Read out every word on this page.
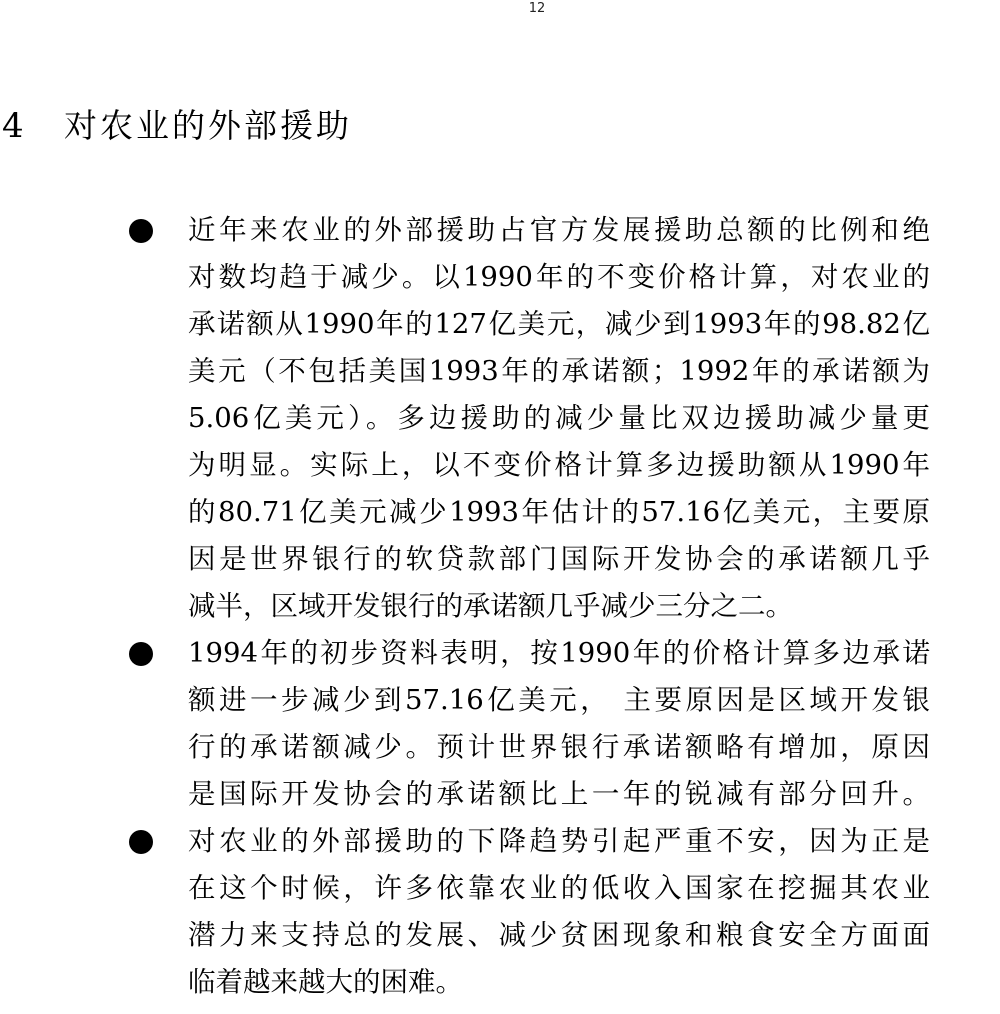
12
4	对农业的外部援助
近年来农业的外部援助占官方发展援助总额的比例和绝
对数均趋于减少。以1990年的不变价格计算，对农业的
承诺额从1990年的127亿美元，减少到1993年的98.82亿
美元（不包括美国1993年的承诺额；1992年的承诺额为
5.06亿美元）。多边援助的减少量比双边援助减少量更
为明显。实际上，以不变价格计算多边援助额从1990年
的80.71亿美元减少1993年估计的57.16亿美元，主要原
因是世界银行的软贷款部门国际开发协会的承诺额几乎
减半，区域开发银行的承诺额几乎减少三分之二。
1994年的初步资料表明，按1990年的价格计算多边承诺
额进一步减少到57.16亿美元， 主要原因是区域开发银
行的承诺额减少。预计世界银行承诺额略有增加，原因
是国际开发协会的承诺额比上一年的锐减有部分回升。
对农业的外部援助的下降趋势引起严重不安，因为正是
在这个时候，许多依靠农业的低收入国家在挖掘其农业
潜力来支持总的发展、减少贫困现象和粮食安全方面面
临着越来越大的困难。
